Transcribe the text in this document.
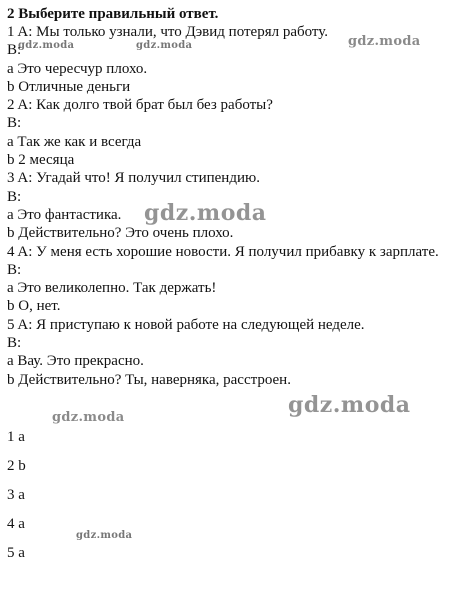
2 Выберите правильный ответ.
1 A: Мы только узнали, что Дэвид потерял работу.
B:
a Это чересчур плохо.
b Отличные деньги
2 A: Как долго твой брат был без работы?
B:
a Так же как и всегда
b 2 месяца
3 A: Угадай что! Я получил стипендию.
B:
a Это фантастика.
b Действительно? Это очень плохо.
4 A: У меня есть хорошие новости. Я получил прибавку к зарплате.
B:
a Это великолепно. Так держать!
b О, нет.
5 A: Я приступаю к новой работе на следующей неделе.
B:
a Вау. Это прекрасно.
b Действительно? Ты, наверняка, расстроен.
1 a
2 b
3 a
4 a
5 a
gdz.moda	gdz.moda	gdz.moda
gdz.moda
gdz.moda
gdz.moda
gdz.moda
